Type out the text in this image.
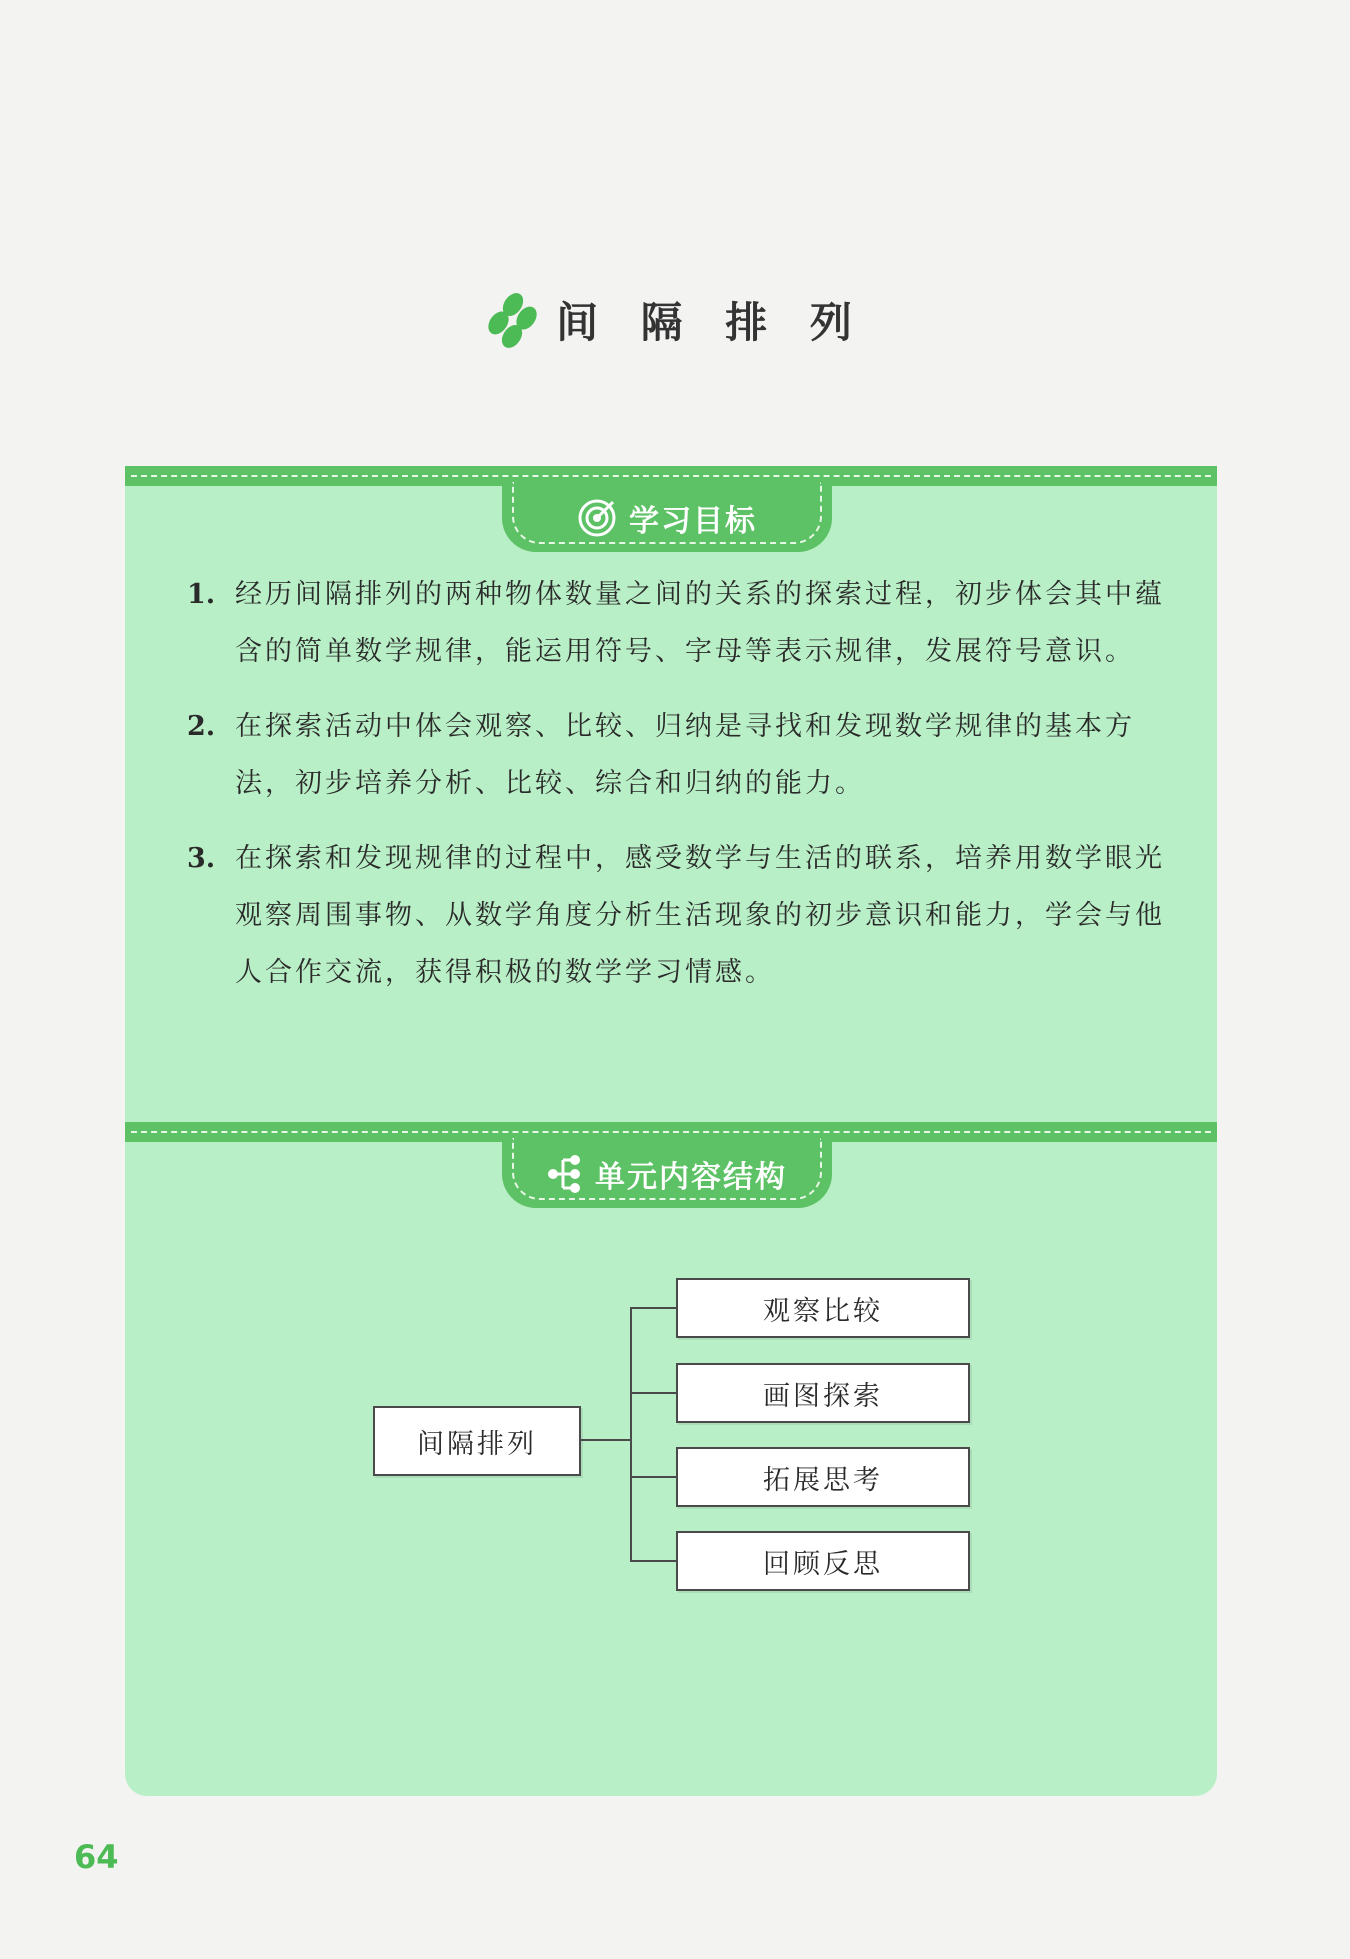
间 隔 排 列
学习目标
1. 经历间隔排列的两种物体数量之间的关系的探索过程，初步体会其中蕴含的简单数学规律，能运用符号、字母等表示规律，发展符号意识。
2. 在探索活动中体会观察、比较、归纳是寻找和发现数学规律的基本方法，初步培养分析、比较、综合和归纳的能力。
3. 在探索和发现规律的过程中，感受数学与生活的联系，培养用数学眼光观察周围事物、从数学角度分析生活现象的初步意识和能力，学会与他人合作交流，获得积极的数学学习情感。
单元内容结构
间隔排列
观察比较
画图探索
拓展思考
回顾反思
64
